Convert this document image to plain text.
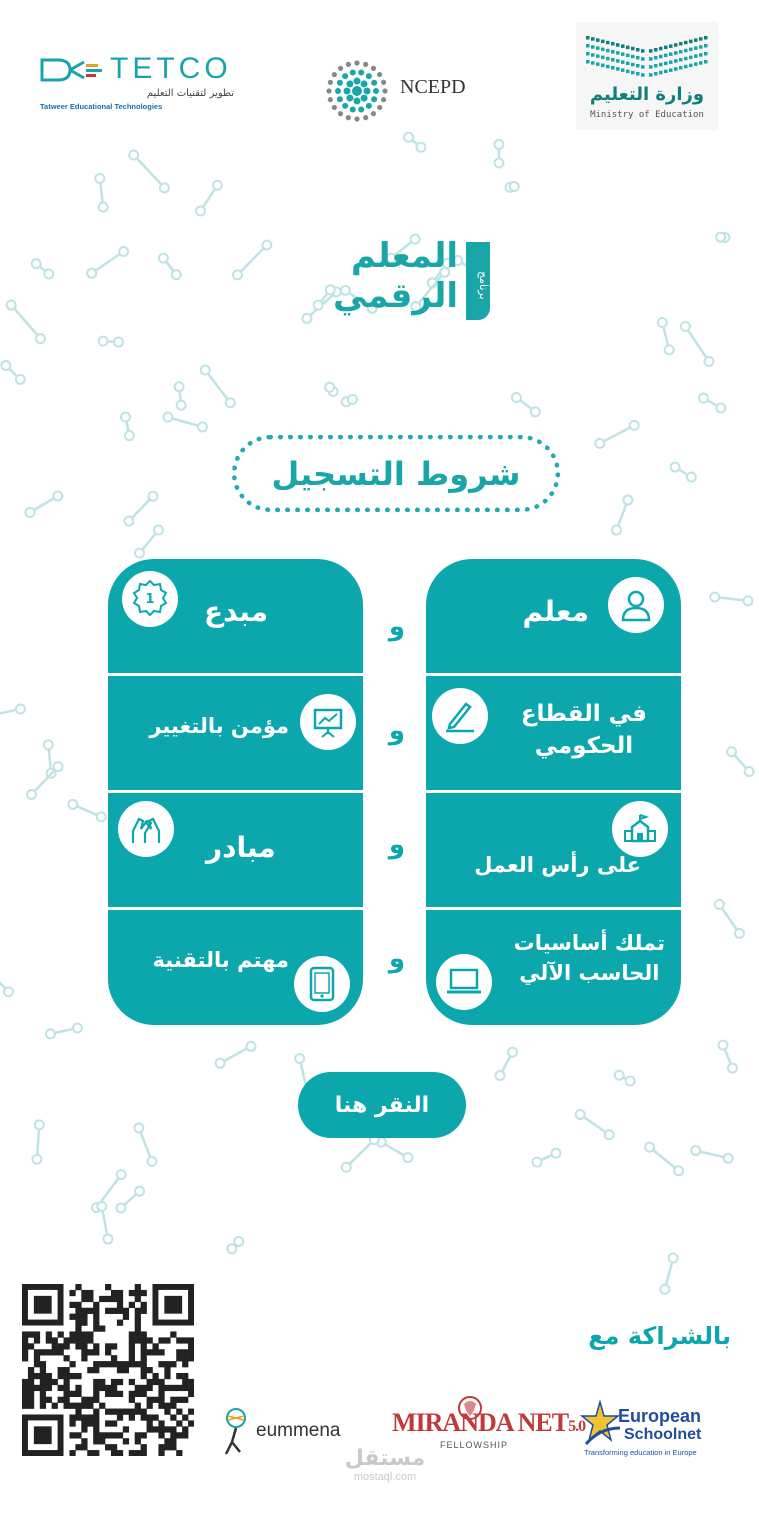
TETCO
تطوير لتقنيات التعليم
Tatweer Educational Technologies
NCEPD	وزارة التعليم
Ministry of Education
برنامج
المعلم
الرقمي
شروط التسجيل
معلم
في القطاع
الحكومي
على رأس العمل
تملك أساسيات
الحاسب الآلي
مبدع
1
مؤمن بالتغيير
مبادر
مهتم بالتقنية
و
و
و
و
النقر هنا
بالشراكة مع
eummena MIRANDA NET5.0
FELLOWSHIP
European
Schoolnet
Transforming education in Europe
مستقل
mostaql.com
